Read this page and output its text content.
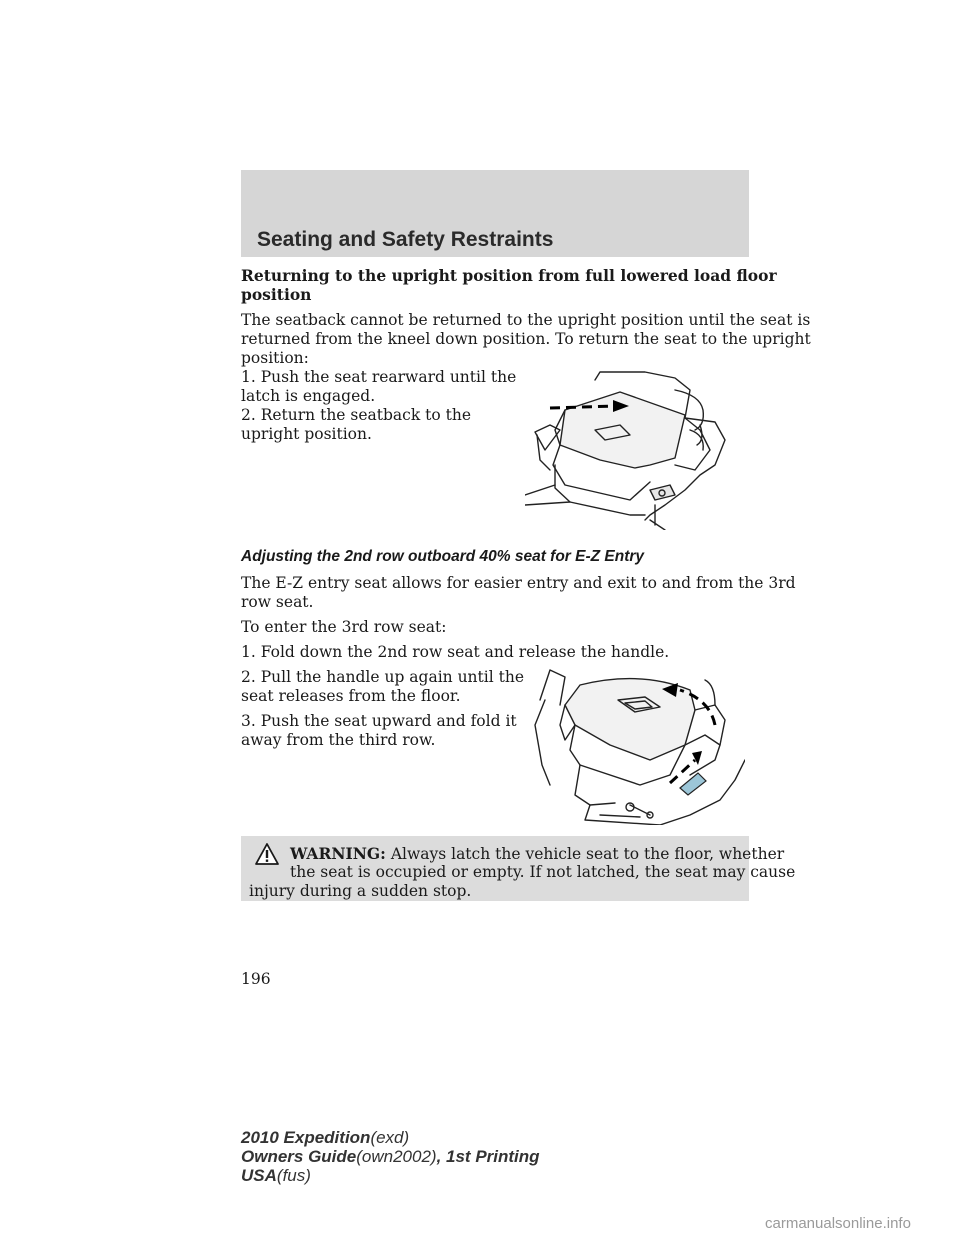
Seating and Safety Restraints
Returning to the upright position from full lowered load floor
position
The seatback cannot be returned to the upright position until the seat is
returned from the kneel down position. To return the seat to the upright
position:
1. Push the seat rearward until the
latch is engaged.
2. Return the seatback to the
upright position.
Adjusting the 2nd row outboard 40% seat for E-Z Entry
The E-Z entry seat allows for easier entry and exit to and from the 3rd
row seat.
To enter the 3rd row seat:
1. Fold down the 2nd row seat and release the handle.
2. Pull the handle up again until the
seat releases from the floor.
3. Push the seat upward and fold it
away from the third row.
WARNING: Always latch the vehicle seat to the floor, whether
the seat is occupied or empty. If not latched, the seat may cause
injury during a sudden stop.
196
2010 Expedition(exd)
Owners Guide(own2002), 1st Printing
USA(fus)
carmanualsonline.info
